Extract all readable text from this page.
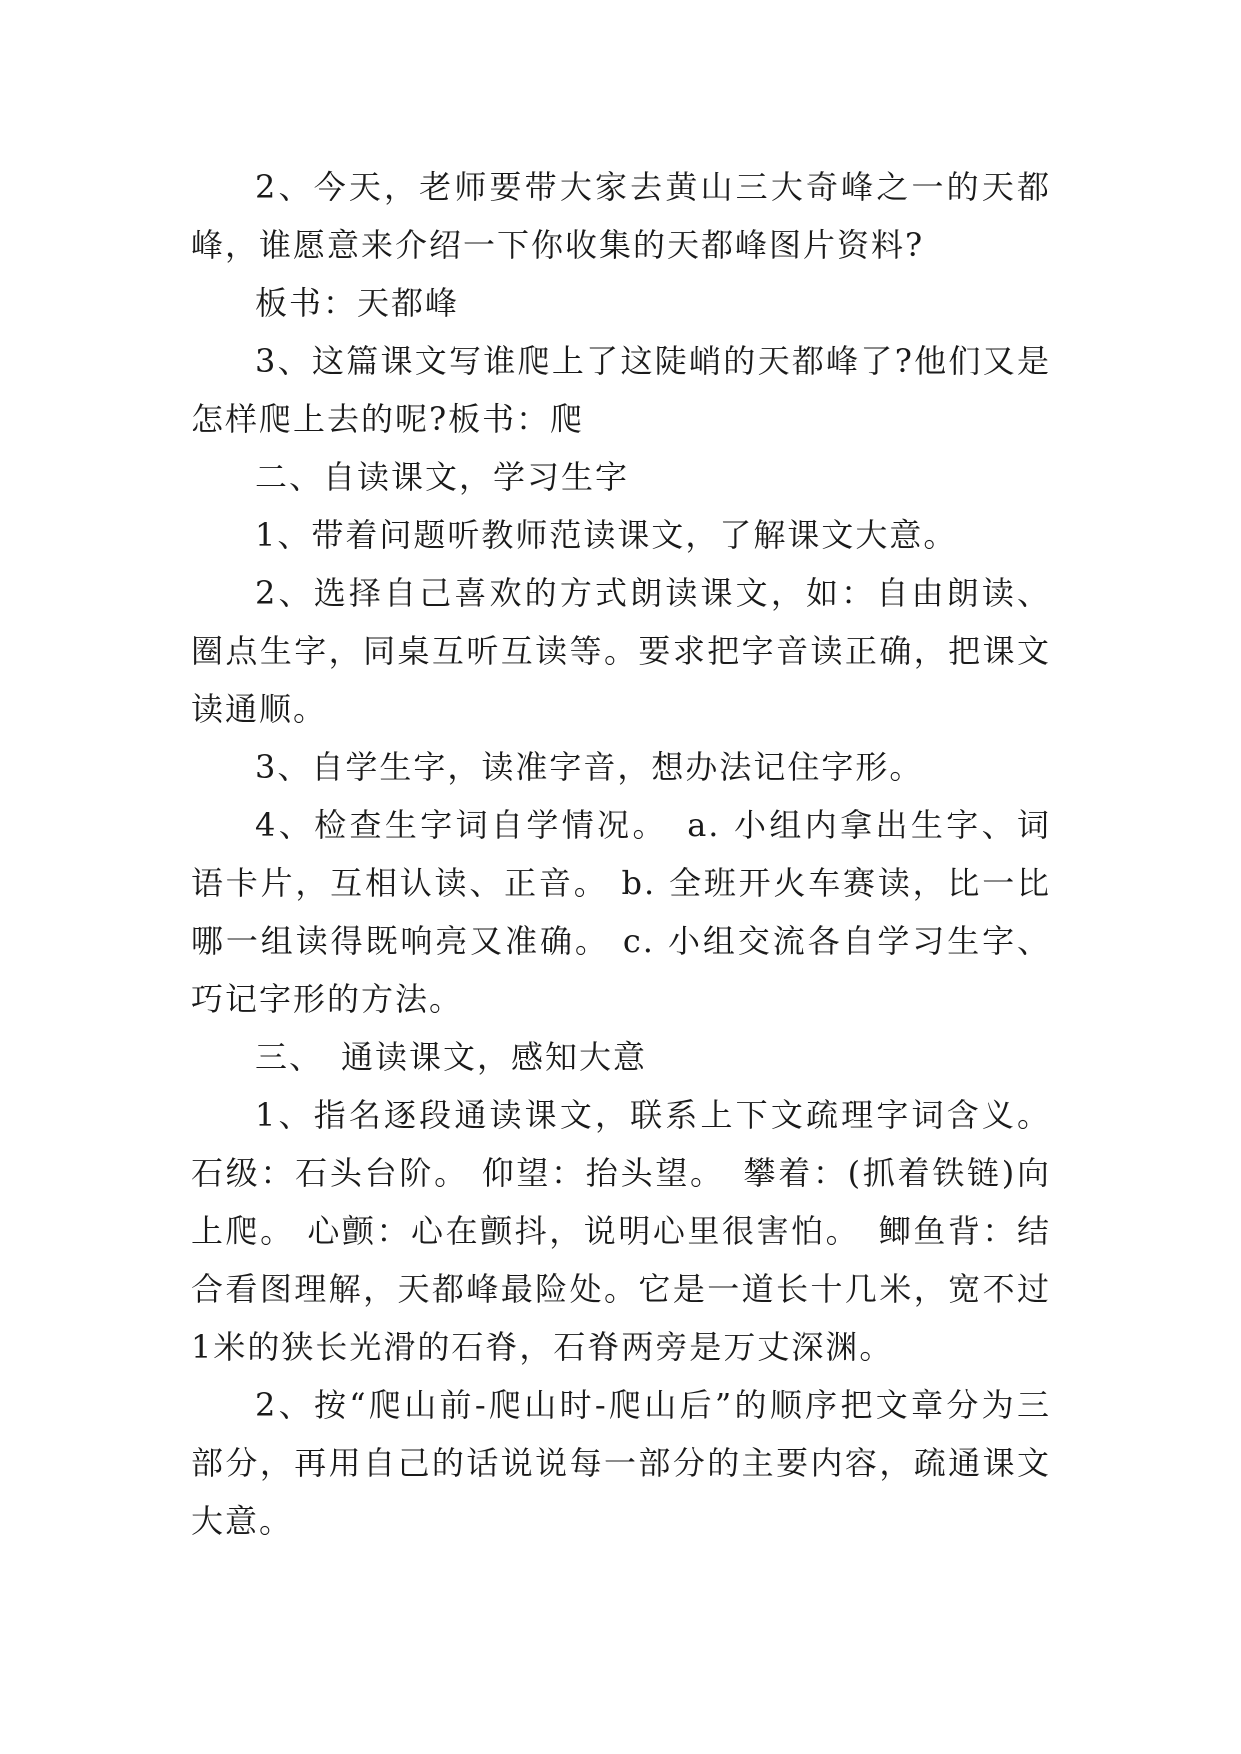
2、今天，老师要带大家去黄山三大奇峰之一的天都峰，谁愿意来介绍一下你收集的天都峰图片资料?

板书：天都峰

3、这篇课文写谁爬上了这陡峭的天都峰了?他们又是怎样爬上去的呢?板书：爬

二、自读课文，学习生字

1、带着问题听教师范读课文，了解课文大意。

2、选择自己喜欢的方式朗读课文，如：自由朗读、圈点生字，同桌互听互读等。要求把字音读正确，把课文读通顺。

3、自学生字，读准字音，想办法记住字形。

4、检查生字词自学情况。　a. 小组内拿出生字、词语卡片，互相认读、正音。 b. 全班开火车赛读，比一比哪一组读得既响亮又准确。 c. 小组交流各自学习生字、巧记字形的方法。

三、　通读课文，感知大意

1、指名逐段通读课文，联系上下文疏理字词含义。 石级：石头台阶。 仰望：抬头望。　攀着：(抓着铁链)向上爬。 心颤：心在颤抖，说明心里很害怕。　鲫鱼背：结合看图理解，天都峰最险处。它是一道长十几米，宽不过1米的狭长光滑的石脊，石脊两旁是万丈深渊。

2、按“爬山前-爬山时-爬山后”的顺序把文章分为三部分，再用自己的话说说每一部分的主要内容，疏通课文大意。
